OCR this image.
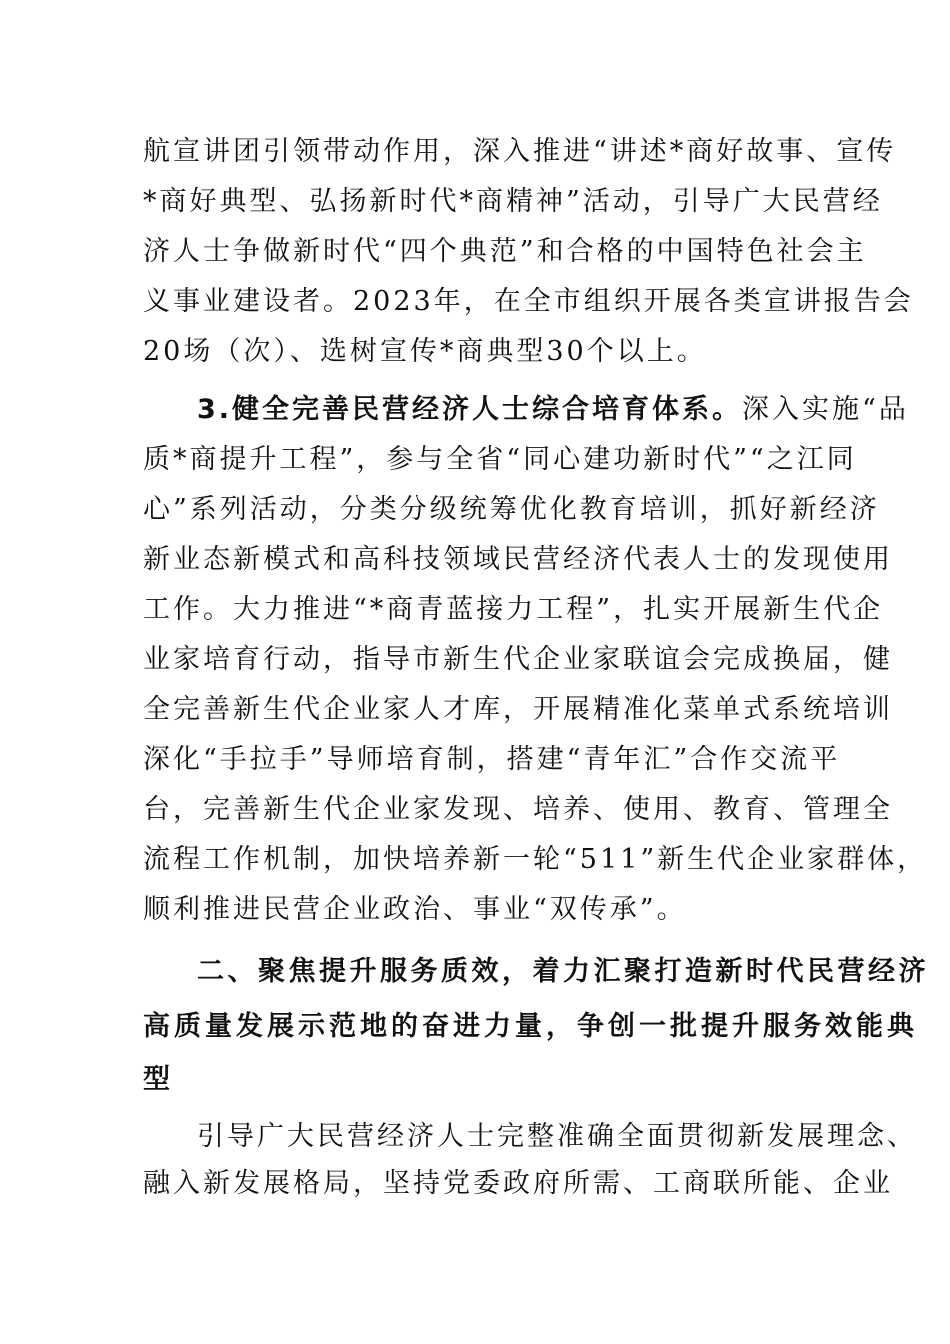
航宣讲团引领带动作用，深入推进“讲述*商好故事、宣传
*商好典型、弘扬新时代*商精神”活动，引导广大民营经
济人士争做新时代“四个典范”和合格的中国特色社会主
义事业建设者。2023年，在全市组织开展各类宣讲报告会
20场（次）、选树宣传*商典型30个以上。
3.健全完善民营经济人士综合培育体系。深入实施“品
质*商提升工程”，参与全省“同心建功新时代”“之江同
心”系列活动，分类分级统筹优化教育培训，抓好新经济
新业态新模式和高科技领域民营经济代表人士的发现使用
工作。大力推进“*商青蓝接力工程”，扎实开展新生代企
业家培育行动，指导市新生代企业家联谊会完成换届，健
全完善新生代企业家人才库，开展精准化菜单式系统培训
深化“手拉手”导师培育制，搭建“青年汇”合作交流平
台，完善新生代企业家发现、培养、使用、教育、管理全
流程工作机制，加快培养新一轮“511”新生代企业家群体，
顺利推进民营企业政治、事业“双传承”。
二、聚焦提升服务质效，着力汇聚打造新时代民营经济
高质量发展示范地的奋进力量，争创一批提升服务效能典
型
引导广大民营经济人士完整准确全面贯彻新发展理念、
融入新发展格局，坚持党委政府所需、工商联所能、企业
